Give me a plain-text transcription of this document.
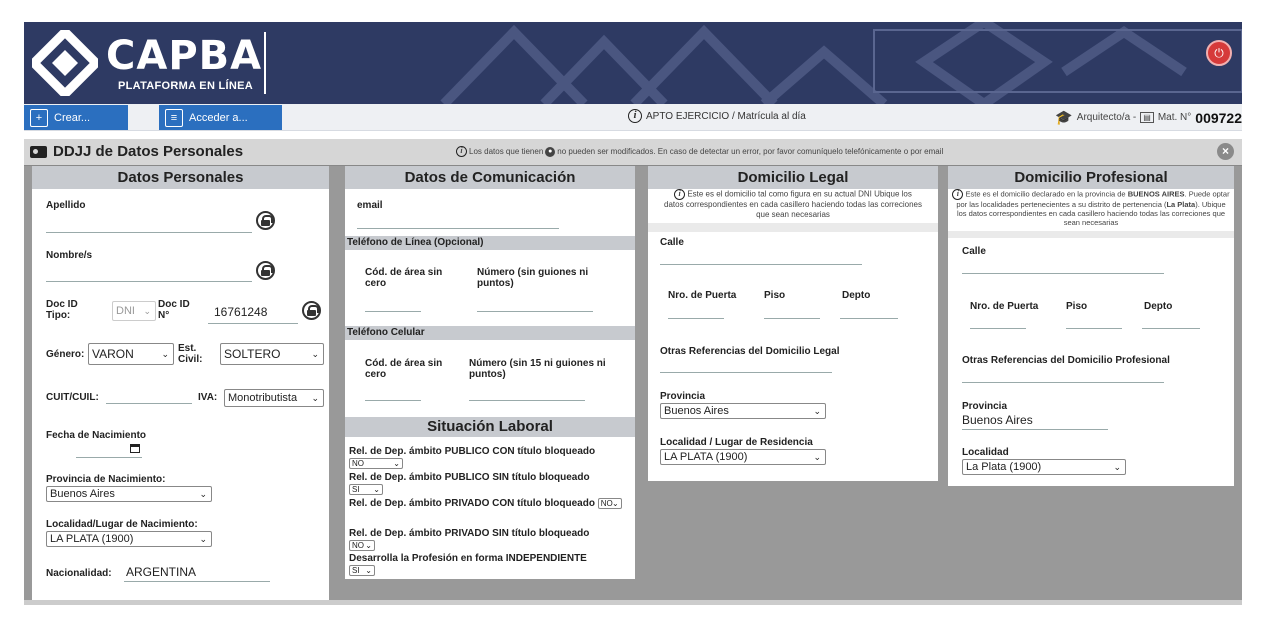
CAPBA
PLATAFORMA EN LÍNEA
⏻
+	Crear...	≡	Acceder a...	i APTO EJERCICIO / Matrícula al día	🎓 Arquitecto/a - ▤ Mat. N° 009722
DDJJ de Datos Personales	i Los datos que tienen ● no pueden ser modificados. En caso de detectar un error, por favor comuníquelo telefónicamente o por email	×
Datos Personales
Apellido
Nombre/s
Doc ID Tipo:	DNI ⌄
Doc ID N°	16761248
Género: VARON	⌄ Est. Civil:	SOLTERO	⌄
CUIT/CUIL:	IVA: Monotributista ⌄
Fecha de Nacimiento
Provincia de Nacimiento:
Buenos Aires	⌄
Localidad/Lugar de Nacimiento:
LA PLATA (1900)	⌄
Nacionalidad: ARGENTINA
Datos de Comunicación
email
Teléfono de Línea (Opcional)
Cód. de área sin cero
Número (sin guiones ni puntos)
Teléfono Celular
Cód. de área sin cero
Número (sin 15 ni guiones ni puntos)
Situación Laboral
Rel. de Dep. ámbito PUBLICO CON título bloqueado NO	⌄
Rel. de Dep. ámbito PUBLICO SIN título bloqueado
SI ⌄
Rel. de Dep. ámbito PRIVADO CON título bloqueado NO ⌄
Rel. de Dep. ámbito PRIVADO SIN título bloqueado
NO ⌄
Desarrolla la Profesión en forma INDEPENDIENTE
SI ⌄
Domicilio Legal
i Este es el domicilio tal como figura en su actual DNI Ubique los datos correspondientes en cada casillero haciendo todas las correciones que sean necesarias
Calle
Nro. de Puerta	Piso	Depto
Otras Referencias del Domicilio Legal
Provincia
Buenos Aires	⌄
Localidad / Lugar de Residencia
LA PLATA (1900)	⌄
Domicilio Profesional
i Este es el domicilio declarado en la provincia de BUENOS AIRES. Puede optar por las localidades pertenecientes a su distrito de pertenencia (La Plata). Ubique los datos correspondientes en cada casillero haciendo todas las correciones que sean necesarias
Calle
Nro. de Puerta	Piso	Depto
Otras Referencias del Domicilio Profesional
Provincia
Buenos Aires
Localidad
La Plata (1900)	⌄
